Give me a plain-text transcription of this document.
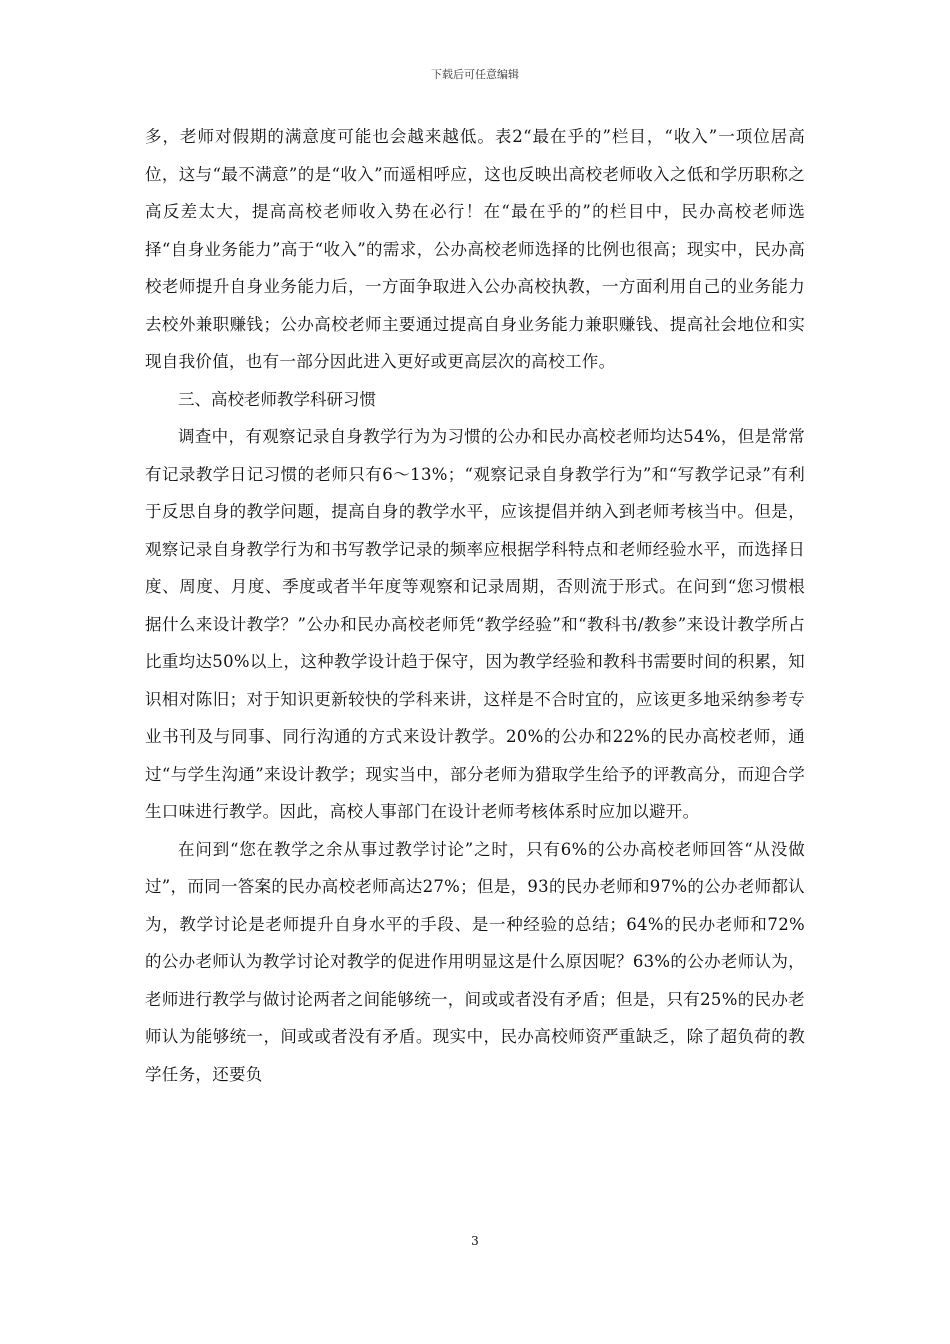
下载后可任意编辑

多，老师对假期的满意度可能也会越来越低。表2“最在乎的”栏目，“收入”一项位居高位，这与“最不满意”的是“收入”而遥相呼应，这也反映出高校老师收入之低和学历职称之高反差太大，提高高校老师收入势在必行！在“最在乎的”的栏目中，民办高校老师选择“自身业务能力”高于“收入”的需求，公办高校老师选择的比例也很高；现实中，民办高校老师提升自身业务能力后，一方面争取进入公办高校执教，一方面利用自己的业务能力去校外兼职赚钱；公办高校老师主要通过提高自身业务能力兼职赚钱、提高社会地位和实现自我价值，也有一部分因此进入更好或更高层次的高校工作。

三、高校老师教学科研习惯

调查中，有观察记录自身教学行为为习惯的公办和民办高校老师均达54%，但是常常有记录教学日记习惯的老师只有6～13%；“观察记录自身教学行为”和“写教学记录”有利于反思自身的教学问题，提高自身的教学水平，应该提倡并纳入到老师考核当中。但是，观察记录自身教学行为和书写教学记录的频率应根据学科特点和老师经验水平，而选择日度、周度、月度、季度或者半年度等观察和记录周期，否则流于形式。在问到“您习惯根据什么来设计教学？”公办和民办高校老师凭“教学经验”和“教科书/教参”来设计教学所占比重均达50%以上，这种教学设计趋于保守，因为教学经验和教科书需要时间的积累，知识相对陈旧；对于知识更新较快的学科来讲，这样是不合时宜的，应该更多地采纳参考专业书刊及与同事、同行沟通的方式来设计教学。20%的公办和22%的民办高校老师，通过“与学生沟通”来设计教学；现实当中，部分老师为猎取学生给予的评教高分，而迎合学生口味进行教学。因此，高校人事部门在设计老师考核体系时应加以避开。

在问到“您在教学之余从事过教学讨论”之时，只有6%的公办高校老师回答“从没做过”，而同一答案的民办高校老师高达27%；但是，93的民办老师和97%的公办老师都认为，教学讨论是老师提升自身水平的手段、是一种经验的总结；64%的民办老师和72%的公办老师认为教学讨论对教学的促进作用明显这是什么原因呢？63%的公办老师认为，老师进行教学与做讨论两者之间能够统一，间或或者没有矛盾；但是，只有25%的民办老师认为能够统一，间或或者没有矛盾。现实中，民办高校师资严重缺乏，除了超负荷的教学任务，还要负

3
